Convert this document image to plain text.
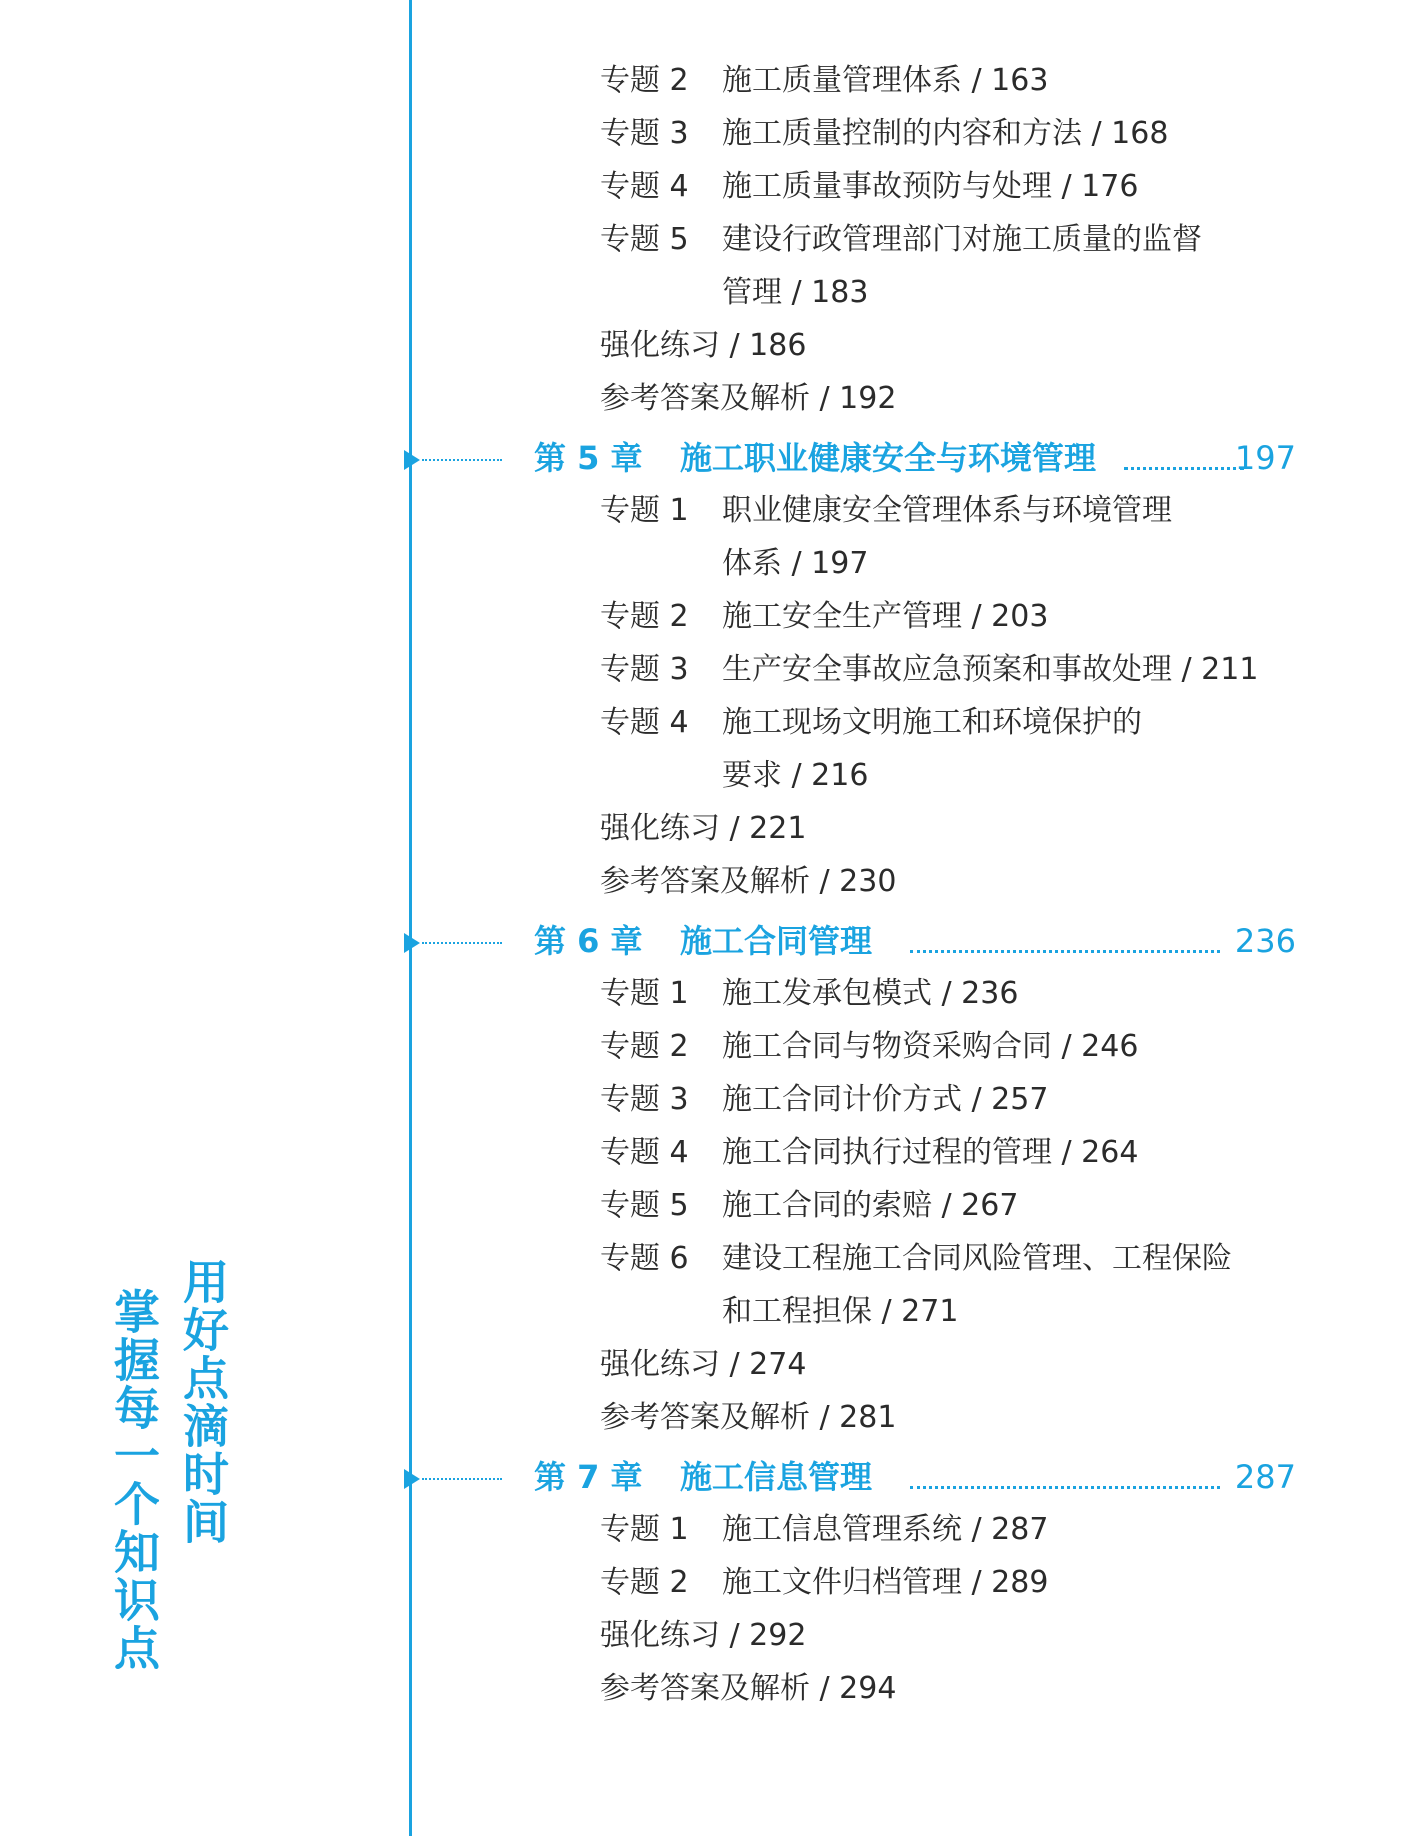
用好点滴时间
掌握每一个知识点
专题 2 施工质量管理体系 / 163
专题 3 施工质量控制的内容和方法 / 168
专题 4 施工质量事故预防与处理 / 176
专题 5 建设行政管理部门对施工质量的监督
管理 / 183
强化练习 / 186
参考答案及解析 / 192
第 5 章 施工职业健康安全与环境管理	197
专题 1 职业健康安全管理体系与环境管理
体系 / 197
专题 2 施工安全生产管理 / 203
专题 3 生产安全事故应急预案和事故处理 / 211
专题 4 施工现场文明施工和环境保护的
要求 / 216
强化练习 / 221
参考答案及解析 / 230
第 6 章 施工合同管理	236
专题 1 施工发承包模式 / 236
专题 2 施工合同与物资采购合同 / 246
专题 3 施工合同计价方式 / 257
专题 4 施工合同执行过程的管理 / 264
专题 5 施工合同的索赔 / 267
专题 6 建设工程施工合同风险管理、工程保险
和工程担保 / 271
强化练习 / 274
参考答案及解析 / 281
第 7 章 施工信息管理	287
专题 1 施工信息管理系统 / 287
专题 2 施工文件归档管理 / 289
强化练习 / 292
参考答案及解析 / 294
